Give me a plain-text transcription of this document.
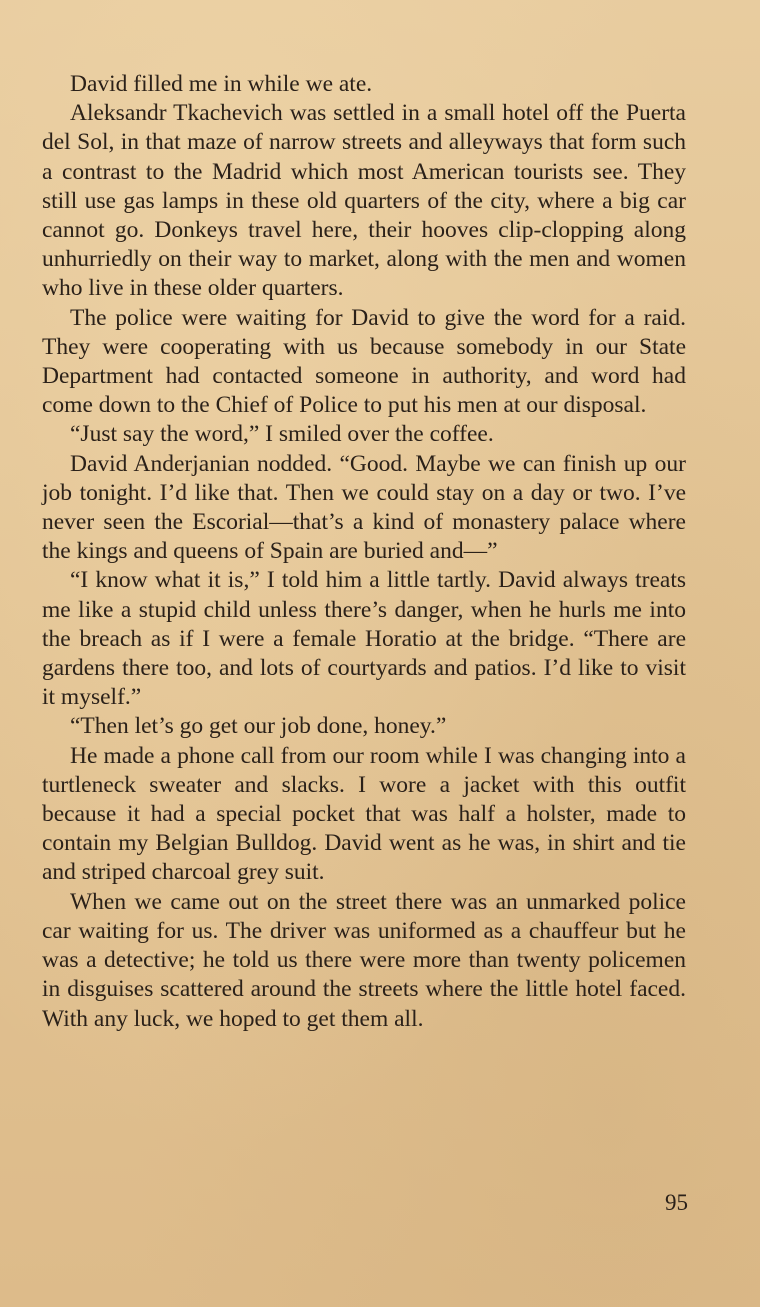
David filled me in while we ate.

Aleksandr Tkachevich was settled in a small hotel off the Puerta del Sol, in that maze of narrow streets and alleyways that form such a contrast to the Madrid which most American tourists see. They still use gas lamps in these old quarters of the city, where a big car cannot go. Donkeys travel here, their hooves clip-clopping along unhurriedly on their way to market, along with the men and women who live in these older quarters.

The police were waiting for David to give the word for a raid. They were cooperating with us because somebody in our State Department had contacted someone in authority, and word had come down to the Chief of Police to put his men at our disposal.

“Just say the word,” I smiled over the coffee.

David Anderjanian nodded. “Good. Maybe we can finish up our job tonight. I’d like that. Then we could stay on a day or two. I’ve never seen the Escorial—that’s a kind of monastery palace where the kings and queens of Spain are buried and—”

“I know what it is,” I told him a little tartly. David always treats me like a stupid child unless there’s danger, when he hurls me into the breach as if I were a female Horatio at the bridge. “There are gardens there too, and lots of courtyards and patios. I’d like to visit it myself.”

“Then let’s go get our job done, honey.”

He made a phone call from our room while I was changing into a turtleneck sweater and slacks. I wore a jacket with this outfit because it had a special pocket that was half a holster, made to contain my Belgian Bulldog. David went as he was, in shirt and tie and striped charcoal grey suit.

When we came out on the street there was an unmarked police car waiting for us. The driver was uniformed as a chauffeur but he was a detective; he told us there were more than twenty policemen in disguises scattered around the streets where the little hotel faced. With any luck, we hoped to get them all.

95
